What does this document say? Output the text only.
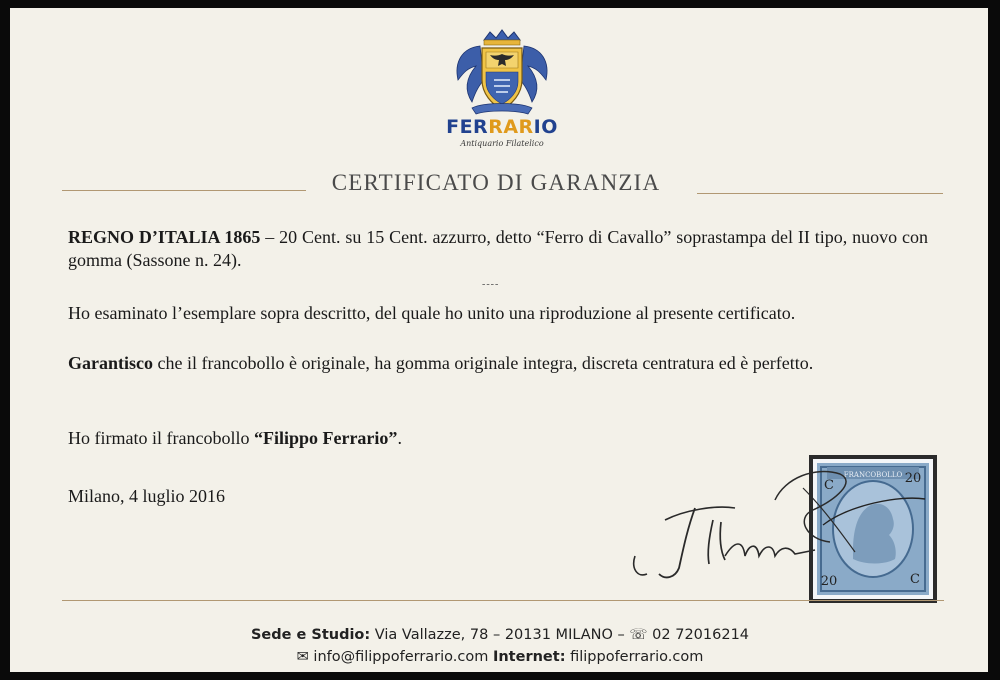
FERRARIO
Antiquario Filatelico
CERTIFICATO DI GARANZIA
REGNO D’ITALIA 1865 – 20 Cent. su 15 Cent. azzurro, detto “Ferro di Cavallo” soprastampa del II tipo, nuovo con gomma (Sassone n. 24).
----
Ho esaminato l’esemplare sopra descritto, del quale ho unito una riproduzione al presente certificato.
Garantisco che il francobollo è originale, ha gomma originale integra, discreta centratura ed è perfetto.
Ho firmato il francobollo “Filippo Ferrario”.
Milano, 4 luglio 2016
FRANCOBOLLO 20
C
20	C
Sede e Studio: Via Vallazze, 78 – 20131 MILANO – ☏ 02 72016214
✉ info@filippoferrario.com Internet: filippoferrario.com
